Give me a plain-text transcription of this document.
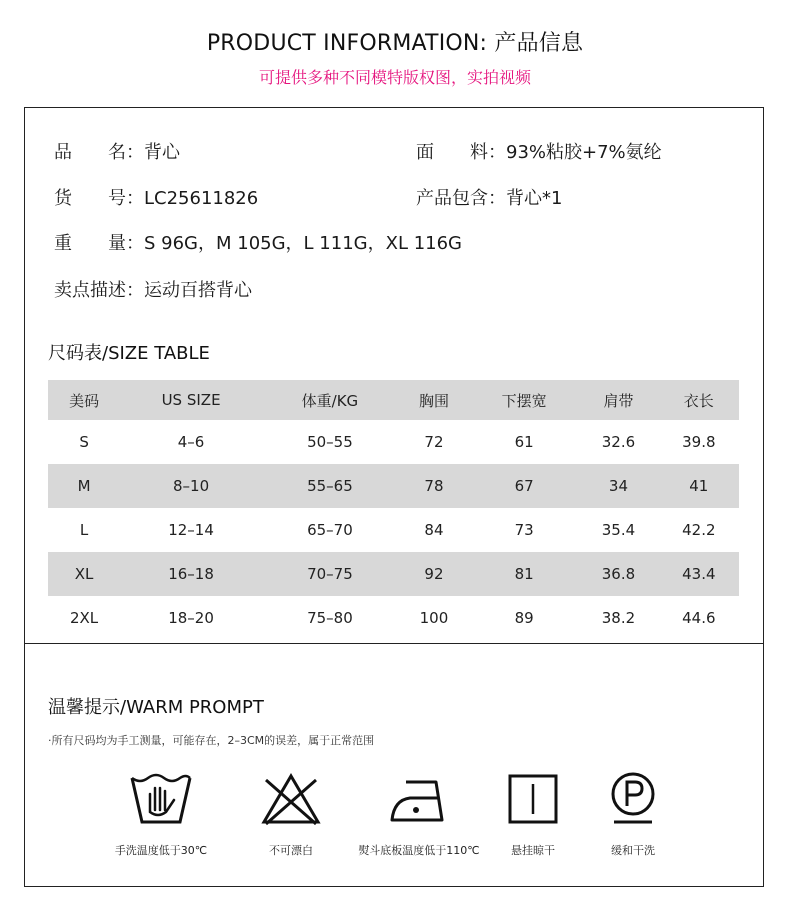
PRODUCT INFORMATION: 产品信息
可提供多种不同模特版权图，实拍视频
品　　名：背心	面　　料：93%粘胶+7%氨纶
货　　号：LC25611826	产品包含：背心*1
重　　量：S 96G，M 105G，L 111G，XL 116G
卖点描述：运动百搭背心
尺码表/SIZE TABLE
美码	US SIZE	体重/KG	胸围	下摆宽	肩带	衣长
S	4–6	50–55	72	61	32.6	39.8
M	8–10	55–65	78	67	34	41
L	12–14	65–70	84	73	35.4	42.2
XL	16–18	70–75	92	81	36.8	43.4
2XL	18–20	75–80	100	89	38.2	44.6
温馨提示/WARM PROMPT
·所有尺码均为手工测量，可能存在，2–3CM的误差，属于正常范围
手洗温度低于30℃	不可漂白	熨斗底板温度低于110℃	悬挂晾干	缓和干洗
